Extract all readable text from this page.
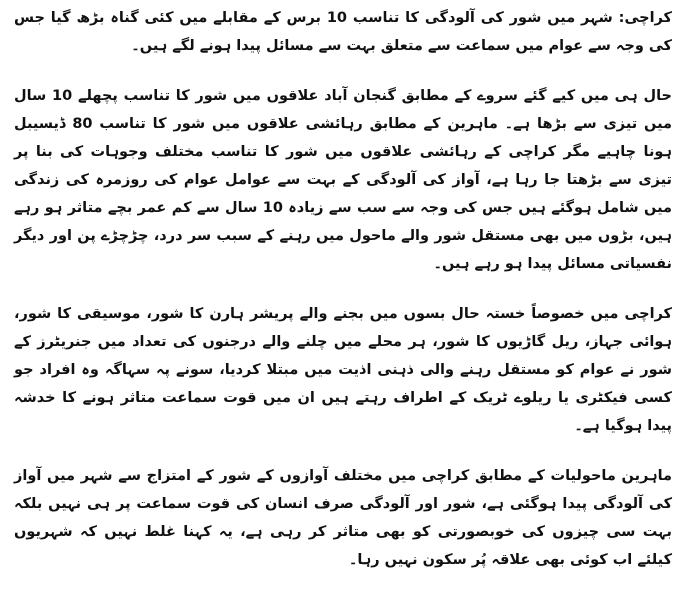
کراچی: شہر میں شور کی آلودگی کا تناسب 10 برس کے مقابلے میں کئی گناہ بڑھ گیا جس کی وجہ سے عوام میں سماعت سے متعلق بہت سے مسائل پیدا ہونے لگے ہیں۔

حال ہی میں کیے گئے سروے کے مطابق گنجان آباد علاقوں میں شور کا تناسب پچھلے 10 سال میں تیزی سے بڑھا ہے۔ ماہرین کے مطابق رہائشی علاقوں میں شور کا تناسب 80 ڈیسیبل ہونا چاہیے مگر کراچی کے رہائشی علاقوں میں شور کا تناسب مختلف وجوہات کی بنا پر تیزی سے بڑھتا جا رہا ہے، آواز کی آلودگی کے بہت سے عوامل عوام کی روزمرہ کی زندگی میں شامل ہوگئے ہیں جس کی وجہ سے سب سے زیادہ 10 سال سے کم عمر بچے متاثر ہو رہے ہیں، بڑوں میں بھی مستقل شور والے ماحول میں رہنے کے سبب سر درد، چڑچڑے پن اور دیگر نفسیاتی مسائل پیدا ہو رہے ہیں۔

کراچی میں خصوصاً خستہ حال بسوں میں بجنے والے پریشر ہارن کا شور، موسیقی کا شور، ہوائی جہاز، ریل گاڑیوں کا شور، ہر محلے میں چلنے والے درجنوں کی تعداد میں جنریٹرز کے شور نے عوام کو مستقل رہنے والی ذہنی اذیت میں مبتلا کردیا، سونے پہ سہاگہ وہ افراد جو کسی فیکٹری یا ریلوے ٹریک کے اطراف رہتے ہیں ان میں قوت سماعت متاثر ہونے کا خدشہ پیدا ہوگیا ہے۔

ماہرین ماحولیات کے مطابق کراچی میں مختلف آوازوں کے شور کے امتزاج سے شہر میں آواز کی آلودگی پیدا ہوگئی ہے، شور اور آلودگی صرف انسان کی قوت سماعت پر ہی نہیں بلکہ بہت سی چیزوں کی خوبصورتی کو بھی متاثر کر رہی ہے، یہ کہنا غلط نہیں کہ شہریوں کیلئے اب کوئی بھی علاقہ پُر سکون نہیں رہا۔
